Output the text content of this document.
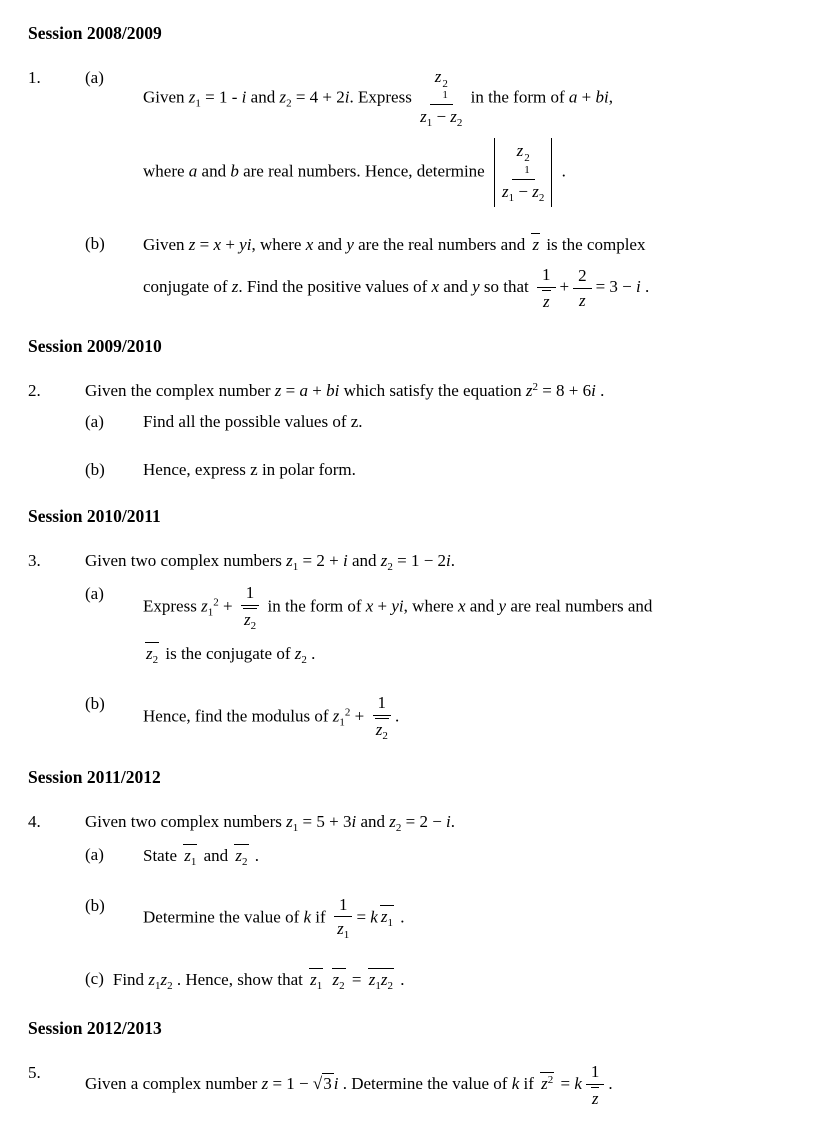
Session 2008/2009
1.	(a)
Given $z_1 = 1 - i$ and $z_2 = 4 + 2i$. Express z 2
1
$z_1 - z_2$ in the form of a + bi,
where a and b are real numbers. Hence, determine z 2
1
$z_1 - z_2$ .
(b)	Given z = x + yi, where x and y are the real numbers and z is the complex
conjugate of z. Find the positive values of x and y so that $\frac{1}{z} + \frac{2}{z} = 3 - i$ .
Session 2009/2010
2.	Given the complex number z = a + bi which satisfy the equation $z^2 = 8 + 6i$ .
(a)	Find all the possible values of z.
(b)	Hence, express z in polar form.
Session 2010/2011
3.	Given two complex numbers $z_1 = 2 + i$ and $z_2 = 1 - 2i$.
(a)
Express $z_1^2 + \frac{1}{z_2}$ in the form of x + yi, where x and y are real numbers and
$z_2$ is the conjugate of $z_2$ .
(b)
Hence, find the modulus of $z_1^2 + \frac{1}{z_2}$ .
Session 2011/2012
4.	Given two complex numbers $z_1 = 5 + 3i$ and $z_2 = 2 - i$.
(a)	State $z_1$ and $z_2$ .
(b)
Determine the value of k if $\frac{1}{z_1} = k$ $z_1$ .
(c) Find $z_1z_2$ . Hence, show that $z_1$ $z_2 = z_1z_2$ .
Session 2012/2013
5.
Given a complex number z = 1 − √3 i . Determine the value of k if $z^2 = k \frac{1}{z}$ .
